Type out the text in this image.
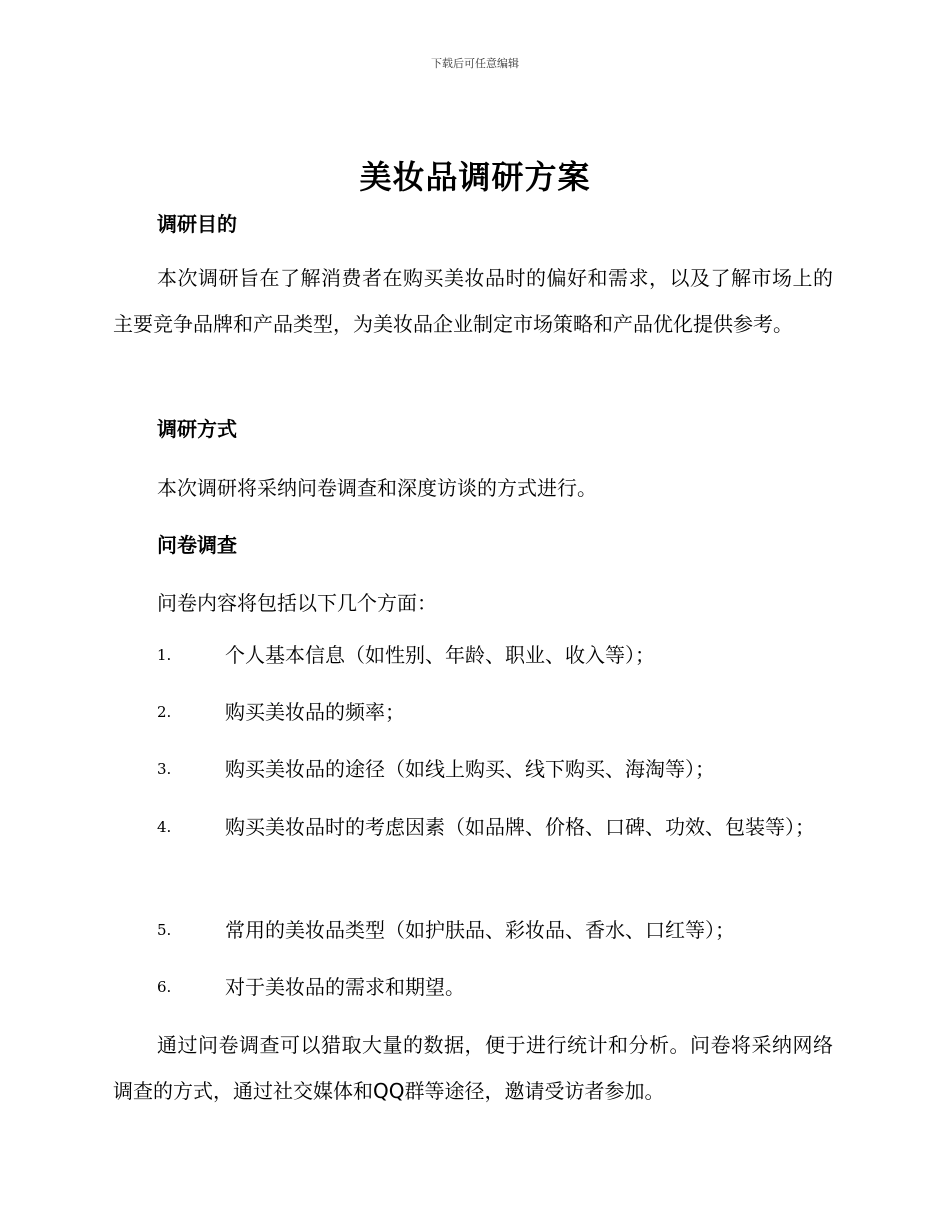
下载后可任意编辑
美妆品调研方案
调研目的

本次调研旨在了解消费者在购买美妆品时的偏好和需求，以及了解市场上的主要竞争品牌和产品类型，为美妆品企业制定市场策略和产品优化提供参考。

调研方式
本次调研将采纳问卷调查和深度访谈的方式进行。
问卷调查
问卷内容将包括以下几个方面：
1.	个人基本信息（如性别、年龄、职业、收入等）；
2.	购买美妆品的频率；
3.	购买美妆品的途径（如线上购买、线下购买、海淘等）；
4.	购买美妆品时的考虑因素（如品牌、价格、口碑、功效、包装等）；
5.	常用的美妆品类型（如护肤品、彩妆品、香水、口红等）；
6.	对于美妆品的需求和期望。

通过问卷调查可以猎取大量的数据，便于进行统计和分析。问卷将采纳网络调查的方式，通过社交媒体和QQ群等途径，邀请受访者参加。
